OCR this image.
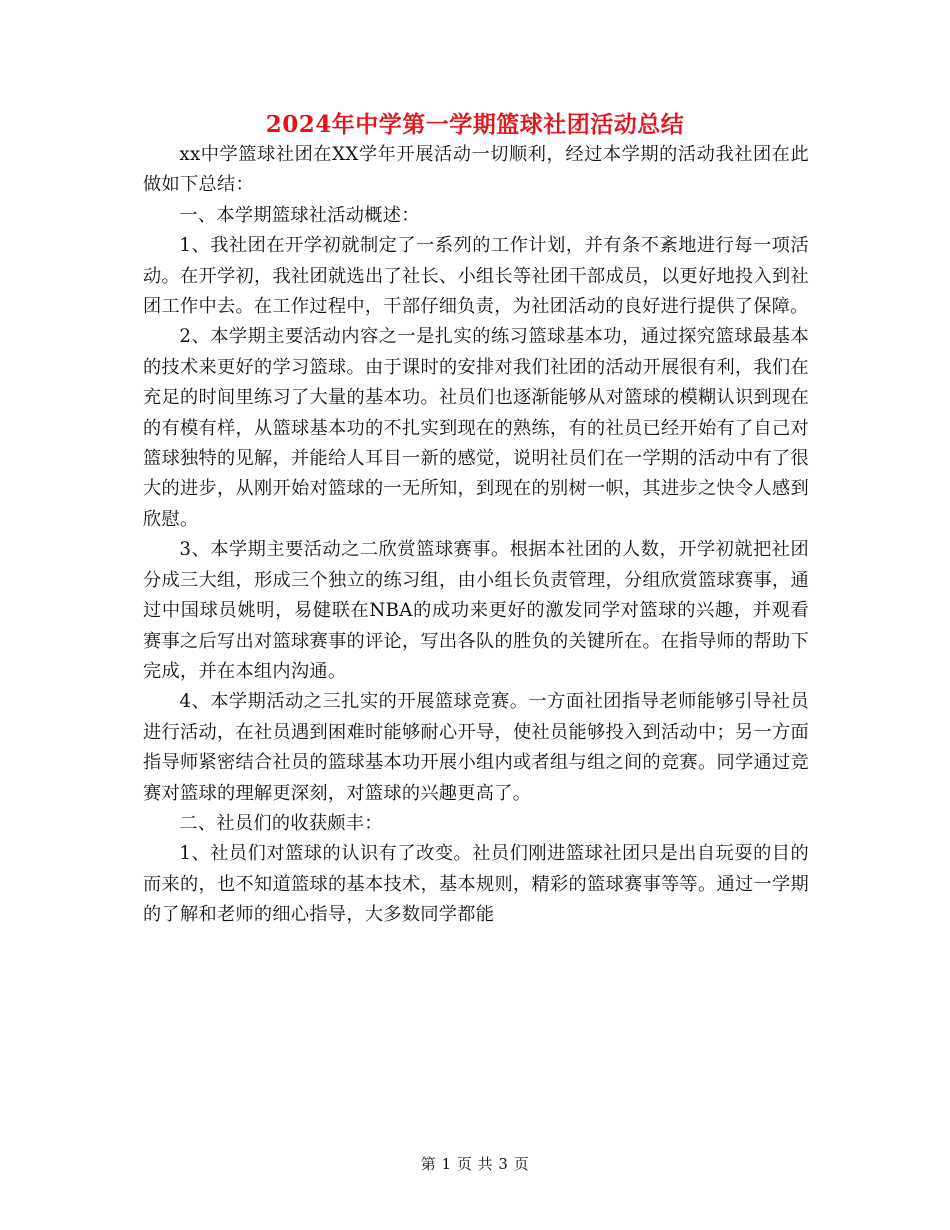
2024年中学第一学期篮球社团活动总结

xx中学篮球社团在XX学年开展活动一切顺利，经过本学期的活动我社团在此做如下总结：

一、本学期篮球社活动概述：

1、我社团在开学初就制定了一系列的工作计划，并有条不紊地进行每一项活动。在开学初，我社团就选出了社长、小组长等社团干部成员，以更好地投入到社团工作中去。在工作过程中，干部仔细负责，为社团活动的良好进行提供了保障。

2、本学期主要活动内容之一是扎实的练习篮球基本功，通过探究篮球最基本的技术来更好的学习篮球。由于课时的安排对我们社团的活动开展很有利，我们在充足的时间里练习了大量的基本功。社员们也逐渐能够从对篮球的模糊认识到现在的有模有样，从篮球基本功的不扎实到现在的熟练，有的社员已经开始有了自己对篮球独特的见解，并能给人耳目一新的感觉，说明社员们在一学期的活动中有了很大的进步，从刚开始对篮球的一无所知，到现在的别树一帜，其进步之快令人感到欣慰。

3、本学期主要活动之二欣赏篮球赛事。根据本社团的人数，开学初就把社团分成三大组，形成三个独立的练习组，由小组长负责管理，分组欣赏篮球赛事，通过中国球员姚明，易健联在NBA的成功来更好的激发同学对篮球的兴趣，并观看赛事之后写出对篮球赛事的评论，写出各队的胜负的关键所在。在指导师的帮助下完成，并在本组内沟通。

4、本学期活动之三扎实的开展篮球竞赛。一方面社团指导老师能够引导社员进行活动，在社员遇到困难时能够耐心开导，使社员能够投入到活动中；另一方面指导师紧密结合社员的篮球基本功开展小组内或者组与组之间的竞赛。同学通过竞赛对篮球的理解更深刻，对篮球的兴趣更高了。

二、社员们的收获颇丰：

1、社员们对篮球的认识有了改变。社员们刚进篮球社团只是出自玩耍的目的而来的，也不知道篮球的基本技术，基本规则，精彩的篮球赛事等等。通过一学期的了解和老师的细心指导，大多数同学都能

第 1 页 共 3 页
